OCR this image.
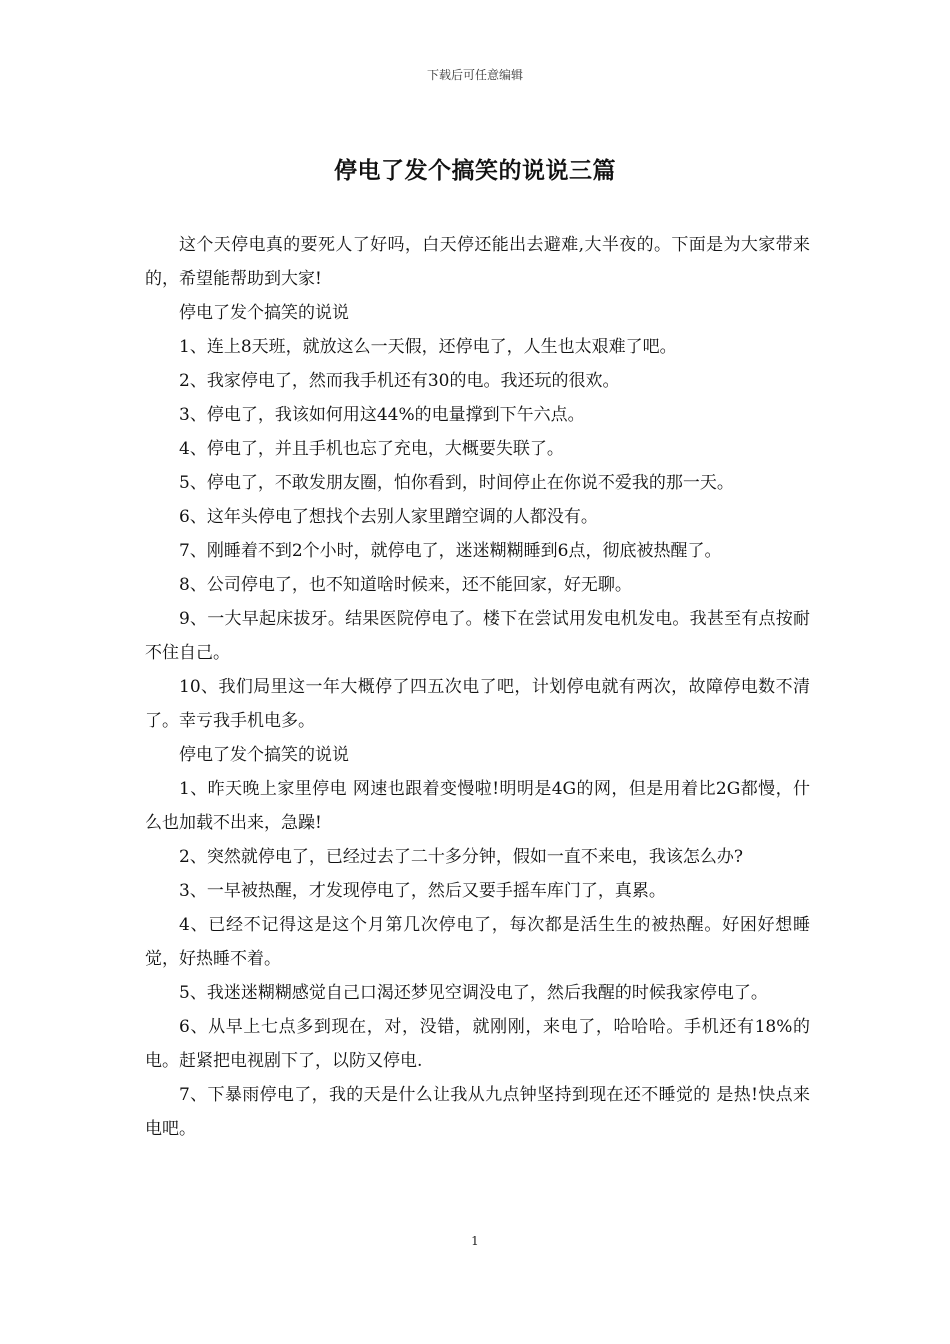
下载后可任意编辑
停电了发个搞笑的说说三篇

这个天停电真的要死人了好吗，白天停还能出去避难,大半夜的。下面是为大家带来的，希望能帮助到大家!

停电了发个搞笑的说说

1、连上8天班，就放这么一天假，还停电了，人生也太艰难了吧。

2、我家停电了，然而我手机还有30的电。我还玩的很欢。

3、停电了，我该如何用这44%的电量撑到下午六点。

4、停电了，并且手机也忘了充电，大概要失联了。

5、停电了，不敢发朋友圈，怕你看到，时间停止在你说不爱我的那一天。

6、这年头停电了想找个去别人家里蹭空调的人都没有。

7、刚睡着不到2个小时，就停电了，迷迷糊糊睡到6点，彻底被热醒了。

8、公司停电了，也不知道啥时候来，还不能回家，好无聊。

9、一大早起床拔牙。结果医院停电了。楼下在尝试用发电机发电。我甚至有点按耐不住自己。

10、我们局里这一年大概停了四五次电了吧，计划停电就有两次，故障停电数不清了。幸亏我手机电多。

停电了发个搞笑的说说

1、昨天晚上家里停电 网速也跟着变慢啦!明明是4G的网，但是用着比2G都慢，什么也加载不出来，急躁!

2、突然就停电了，已经过去了二十多分钟，假如一直不来电，我该怎么办?

3、一早被热醒，才发现停电了，然后又要手摇车库门了，真累。

4、已经不记得这是这个月第几次停电了，每次都是活生生的被热醒。好困好想睡觉，好热睡不着。

5、我迷迷糊糊感觉自己口渴还梦见空调没电了，然后我醒的时候我家停电了。

6、从早上七点多到现在，对，没错，就刚刚，来电了，哈哈哈。手机还有18%的电。赶紧把电视剧下了，以防又停电.

7、下暴雨停电了，我的天是什么让我从九点钟坚持到现在还不睡觉的 是热!快点来电吧。

1
